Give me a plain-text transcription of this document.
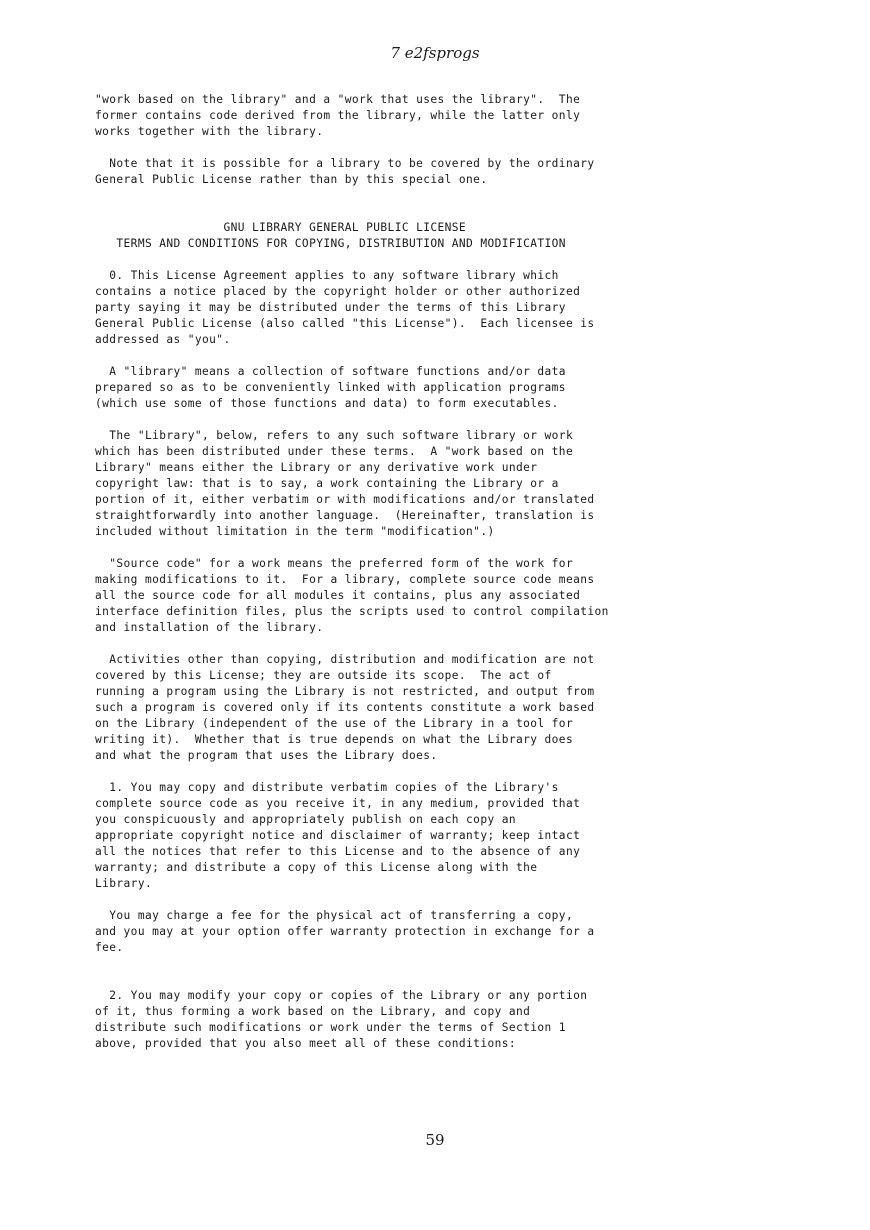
7 e2fsprogs
"work based on the library" and a "work that uses the library".  The
former contains code derived from the library, while the latter only
works together with the library.

Note that it is possible for a library to be covered by the ordinary
General Public License rather than by this special one.

GNU LIBRARY GENERAL PUBLIC LICENSE
TERMS AND CONDITIONS FOR COPYING, DISTRIBUTION AND MODIFICATION

0. This License Agreement applies to any software library which
contains a notice placed by the copyright holder or other authorized
party saying it may be distributed under the terms of this Library
General Public License (also called "this License").  Each licensee is
addressed as "you".

A "library" means a collection of software functions and/or data
prepared so as to be conveniently linked with application programs
(which use some of those functions and data) to form executables.

The "Library", below, refers to any such software library or work
which has been distributed under these terms.  A "work based on the
Library" means either the Library or any derivative work under
copyright law: that is to say, a work containing the Library or a
portion of it, either verbatim or with modifications and/or translated
straightforwardly into another language.  (Hereinafter, translation is
included without limitation in the term "modification".)

"Source code" for a work means the preferred form of the work for
making modifications to it.  For a library, complete source code means
all the source code for all modules it contains, plus any associated
interface definition files, plus the scripts used to control compilation
and installation of the library.

Activities other than copying, distribution and modification are not
covered by this License; they are outside its scope.  The act of
running a program using the Library is not restricted, and output from
such a program is covered only if its contents constitute a work based
on the Library (independent of the use of the Library in a tool for
writing it).  Whether that is true depends on what the Library does
and what the program that uses the Library does.

1. You may copy and distribute verbatim copies of the Library's
complete source code as you receive it, in any medium, provided that
you conspicuously and appropriately publish on each copy an
appropriate copyright notice and disclaimer of warranty; keep intact
all the notices that refer to this License and to the absence of any
warranty; and distribute a copy of this License along with the
Library.

You may charge a fee for the physical act of transferring a copy,
and you may at your option offer warranty protection in exchange for a
fee.

2. You may modify your copy or copies of the Library or any portion
of it, thus forming a work based on the Library, and copy and
distribute such modifications or work under the terms of Section 1
above, provided that you also meet all of these conditions:
59
